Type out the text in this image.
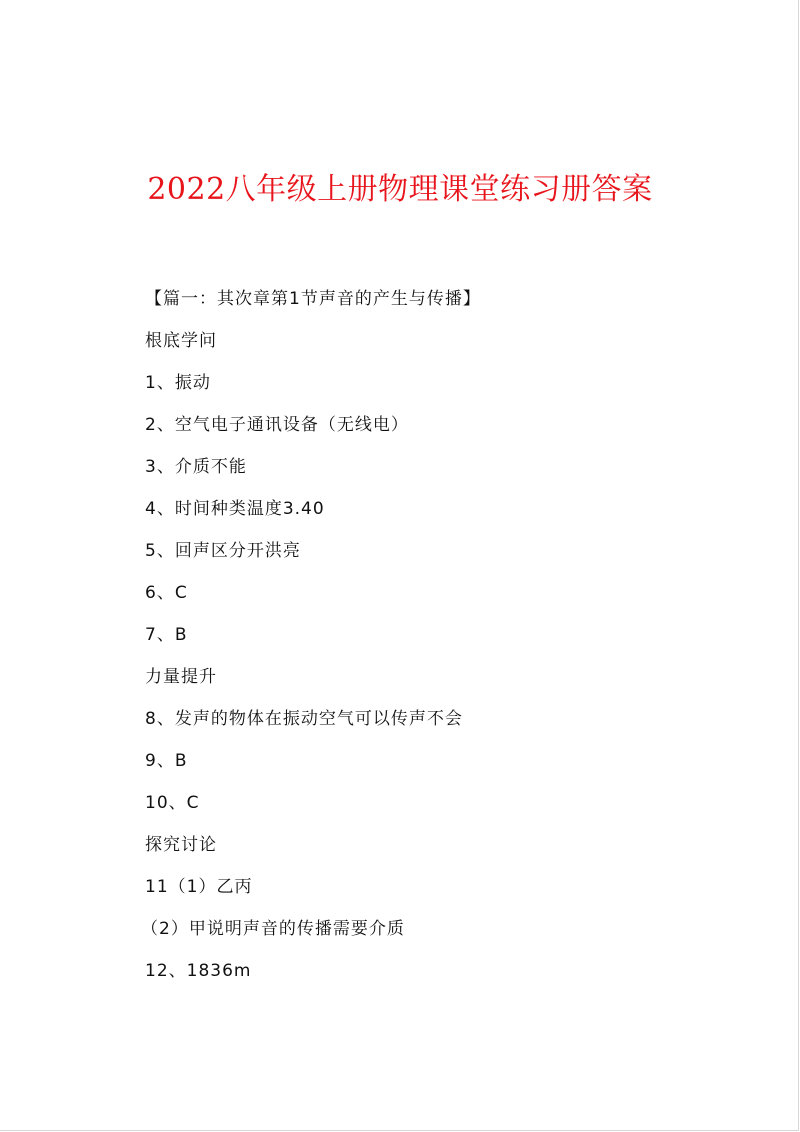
2022八年级上册物理课堂练习册答案
【篇一：其次章第1节声音的产生与传播】
根底学问
1、振动
2、空气电子通讯设备（无线电）
3、介质不能
4、时间种类温度3.40
5、回声区分开洪亮
6、C
7、B
力量提升
8、发声的物体在振动空气可以传声不会
9、B
10、C
探究讨论
11（1）乙丙
（2）甲说明声音的传播需要介质
12、1836m
